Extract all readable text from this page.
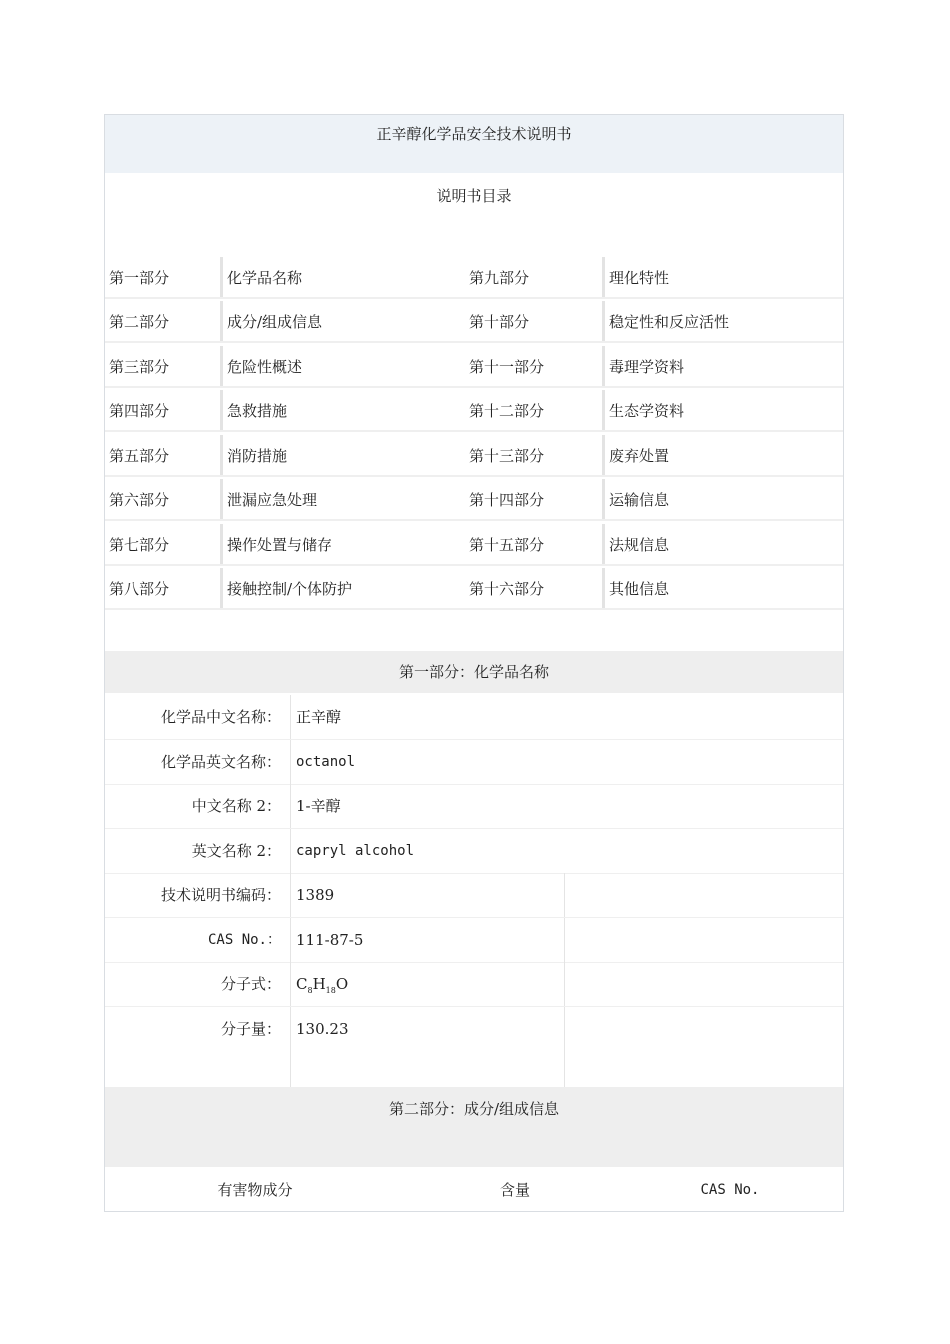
正辛醇化学品安全技术说明书
说明书目录
第一部分	化学品名称	第九部分	理化特性
第二部分	成分/组成信息	第十部分	稳定性和反应活性
第三部分	危险性概述	第十一部分	毒理学资料
第四部分	急救措施	第十二部分	生态学资料
第五部分	消防措施	第十三部分	废弃处置
第六部分	泄漏应急处理	第十四部分	运输信息
第七部分	操作处置与储存	第十五部分	法规信息
第八部分	接触控制/个体防护	第十六部分	其他信息
第一部分：化学品名称
化学品中文名称： 正辛醇
化学品英文名称： octanol
中文名称 2： 1-辛醇
英文名称 2： capryl alcohol
技术说明书编码： 1389
CAS No.： 111-87-5
分子式： $C_8H_{18}O$
分子量： 130.23
第二部分：成分/组成信息
有害物成分	含量	CAS No.
